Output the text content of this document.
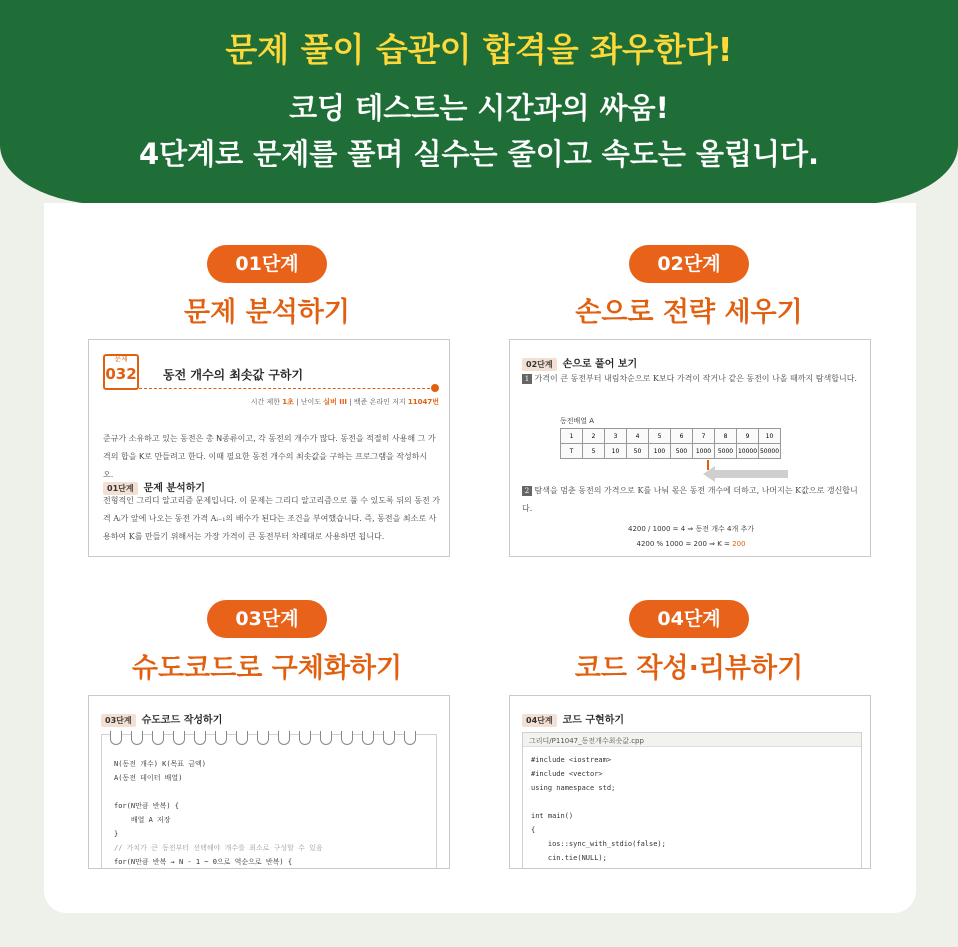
문제 풀이 습관이 합격을 좌우한다!
코딩 테스트는 시간과의 싸움!
4단계로 문제를 풀며 실수는 줄이고 속도는 올립니다.
01단계
문제 분석하기
02단계
손으로 전략 세우기
03단계
슈도코드로 구체화하기
04단계
코드 작성·리뷰하기
문제
032 동전 개수의 최솟값 구하기
시간 제한 1초 | 난이도 실버 III | 백준 온라인 저지 11047번
준규가 소유하고 있는 동전은 총 N종류이고, 각 동전의 개수가 많다. 동전을 적절히 사용해 그 가격의 합을 K로 만들려고 한다. 이때 필요한 동전 개수의 최솟값을 구하는 프로그램을 작성하시오.
01단계 문제 분석하기
전형적인 그리디 알고리즘 문제입니다. 이 문제는 그리디 알고리즘으로 풀 수 있도록 뒤의 동전 가격 Aᵢ가 앞에 나오는 동전 가격 Aᵢ₋₁의 배수가 된다는 조건을 부여했습니다. 즉, 동전을 최소로 사용하여 K를 만들기 위해서는 가장 가격이 큰 동전부터 차례대로 사용하면 됩니다.
02단계 손으로 풀어 보기
1 가격이 큰 동전부터 내림차순으로 K보다 가격이 작거나 같은 동전이 나올 때까지 탐색합니다.
동전배열 A
1	2	3	4	5	6	7	8	9	10
T	5	10	50	100	500	1000	5000	10000	50000
2 탐색을 멈춘 동전의 가격으로 K를 나눠 몫은 동전 개수에 더하고, 나머지는 K값으로 갱신합니다.
4200 / 1000 = 4 ⇒ 동전 개수 4개 추가
4200 % 1000 = 200 ⇒ K = 200
03단계 슈도코드 작성하기
N(동전 개수) K(목표 금액)
A(동전 데이터 배열)

for(N만큼 반복) {
배열 A 저장
}
// 가치가 큰 동전부터 선택해야 개수를 최소로 구성할 수 있음
for(N만큼 반복 → N - 1 ~ 0으로 역순으로 반복) {
04단계 코드 구현하기
그리디/P11047_동전개수최솟값.cpp
#include <iostream>
#include <vector>
using namespace std;

int main()
{
ios::sync_with_stdio(false);
cin.tie(NULL);
